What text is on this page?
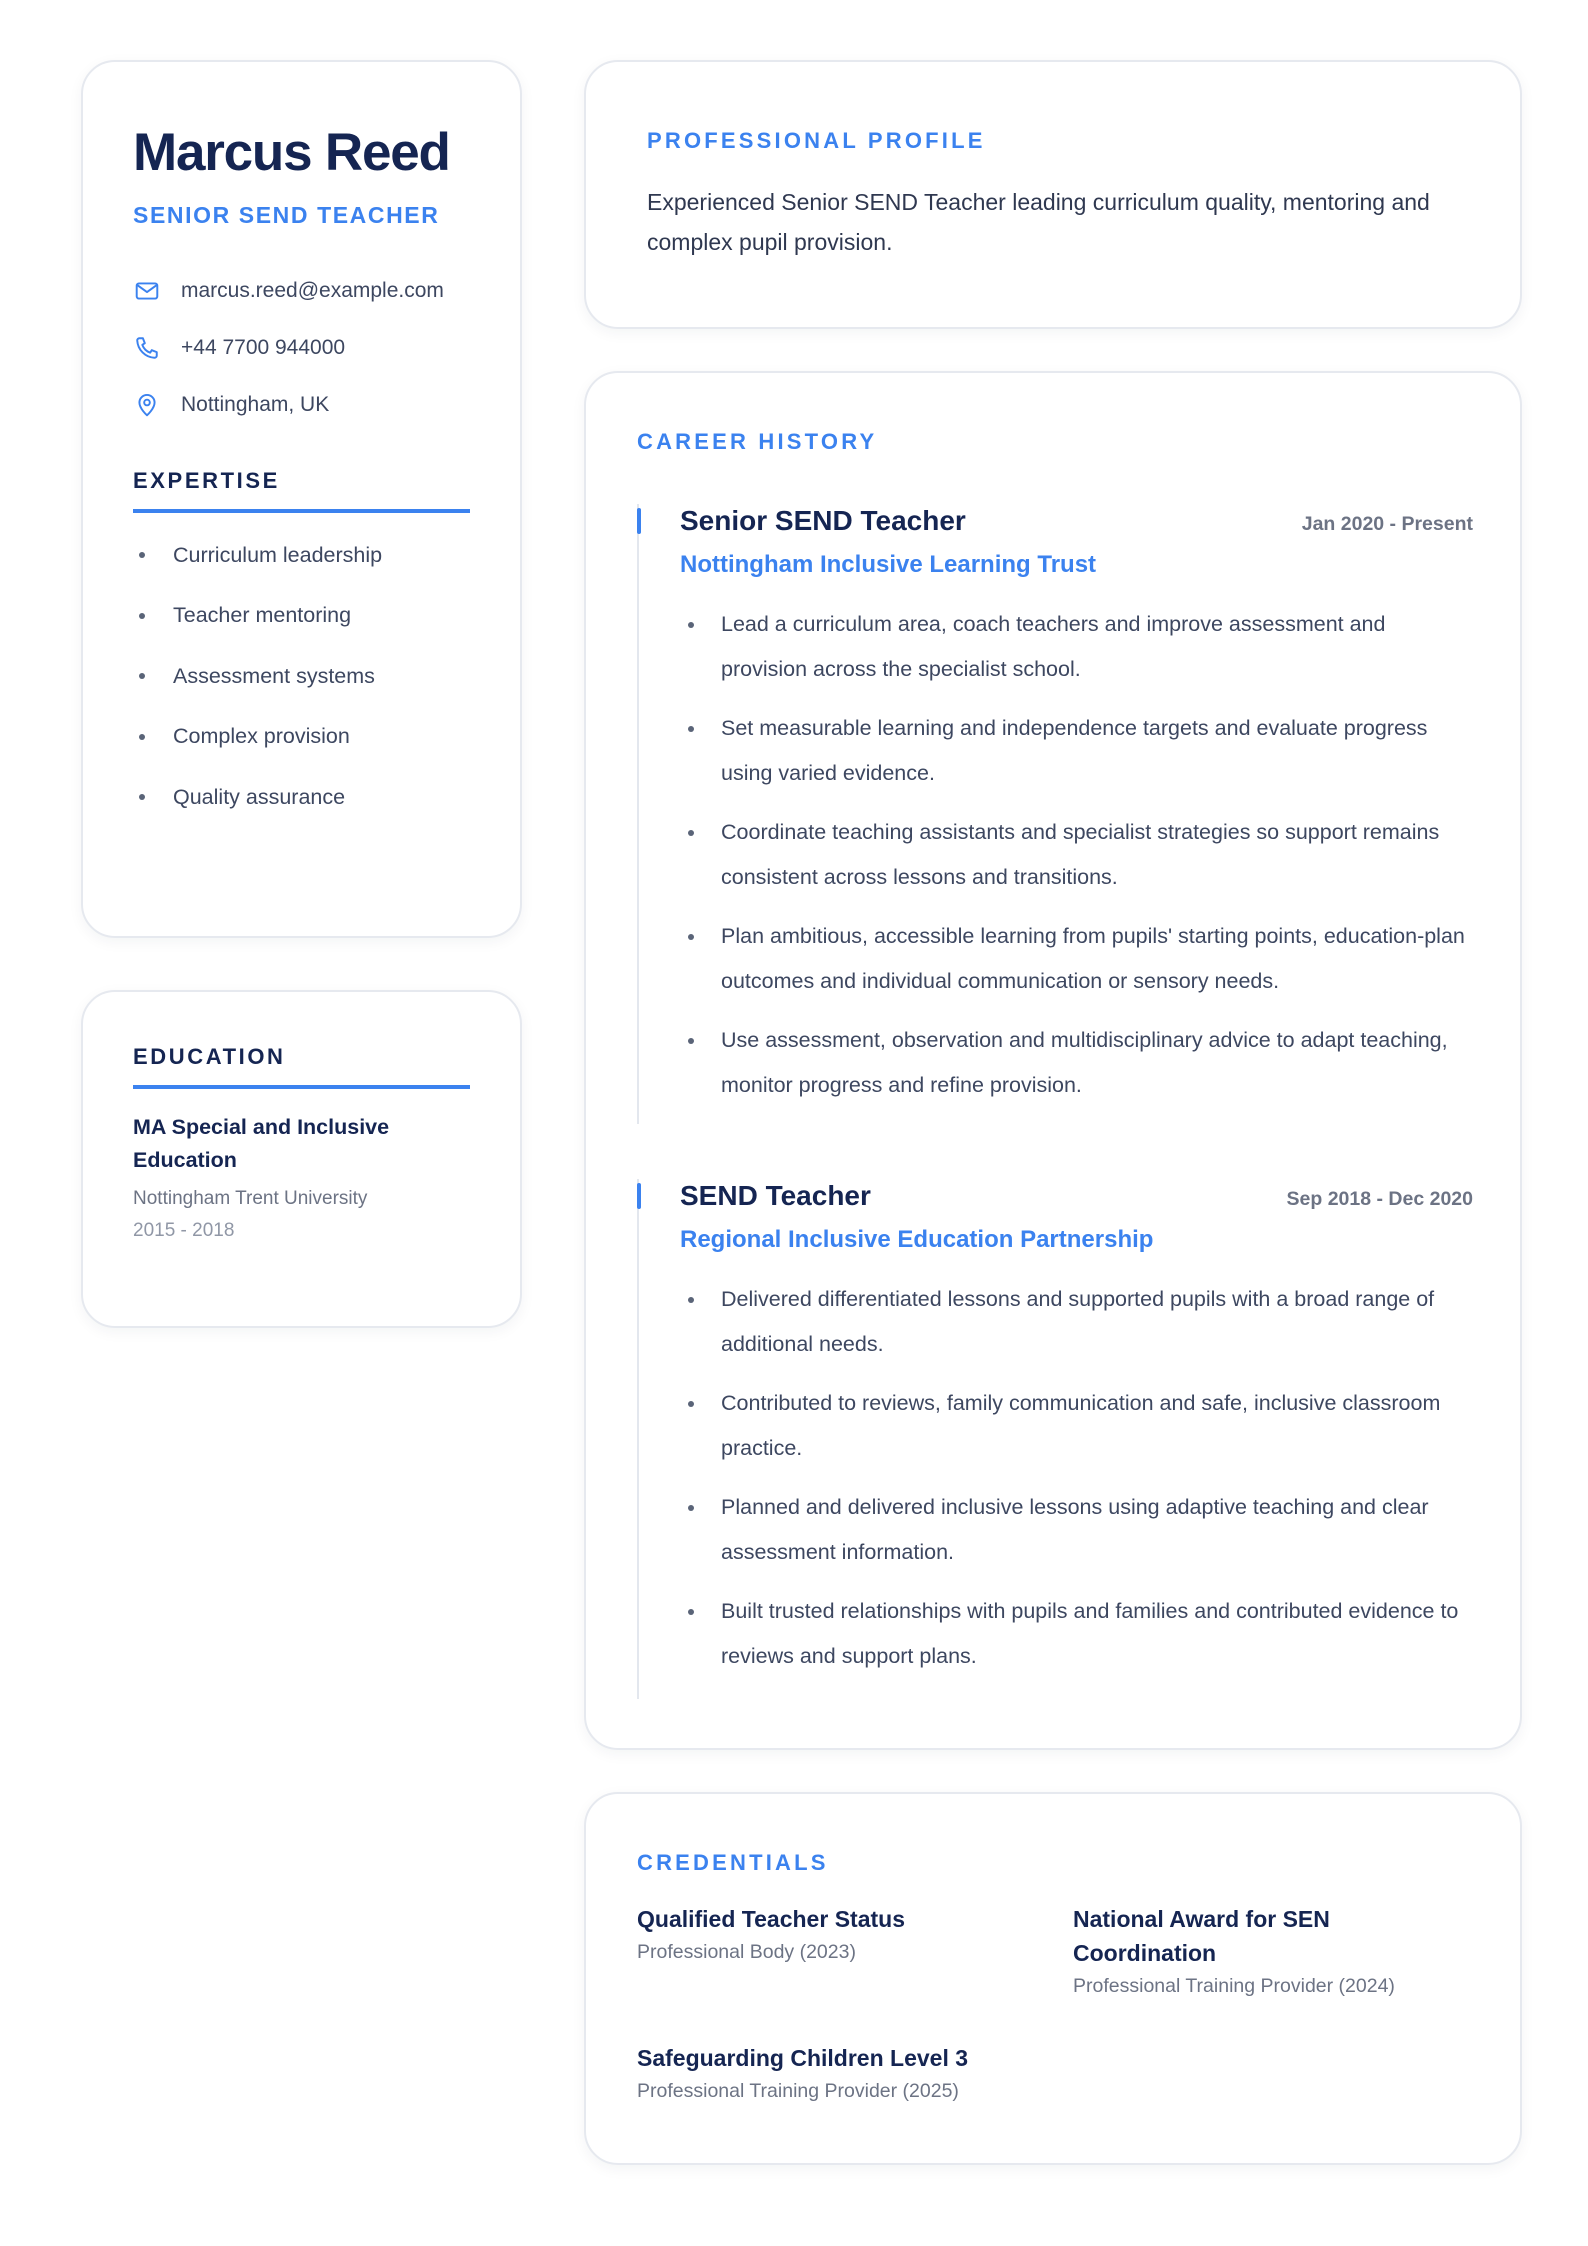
Marcus Reed
SENIOR SEND TEACHER
marcus.reed@example.com
+44 7700 944000
Nottingham, UK
EXPERTISE
Curriculum leadership
Teacher mentoring
Assessment systems
Complex provision
Quality assurance
EDUCATION
MA Special and Inclusive Education
Nottingham Trent University
2015 - 2018
PROFESSIONAL PROFILE
Experienced Senior SEND Teacher leading curriculum quality, mentoring and complex pupil provision.
CAREER HISTORY
Senior SEND Teacher	Jan 2020 - Present
Nottingham Inclusive Learning Trust
Lead a curriculum area, coach teachers and improve assessment and provision across the specialist school.
Set measurable learning and independence targets and evaluate progress using varied evidence.
Coordinate teaching assistants and specialist strategies so support remains consistent across lessons and transitions.
Plan ambitious, accessible learning from pupils' starting points, education-plan outcomes and individual communication or sensory needs.
Use assessment, observation and multidisciplinary advice to adapt teaching, monitor progress and refine provision.
SEND Teacher	Sep 2018 - Dec 2020
Regional Inclusive Education Partnership
Delivered differentiated lessons and supported pupils with a broad range of additional needs.
Contributed to reviews, family communication and safe, inclusive classroom practice.
Planned and delivered inclusive lessons using adaptive teaching and clear assessment information.
Built trusted relationships with pupils and families and contributed evidence to reviews and support plans.
CREDENTIALS
Qualified Teacher Status
Professional Body (2023)
National Award for SEN Coordination
Professional Training Provider (2024)
Safeguarding Children Level 3
Professional Training Provider (2025)
